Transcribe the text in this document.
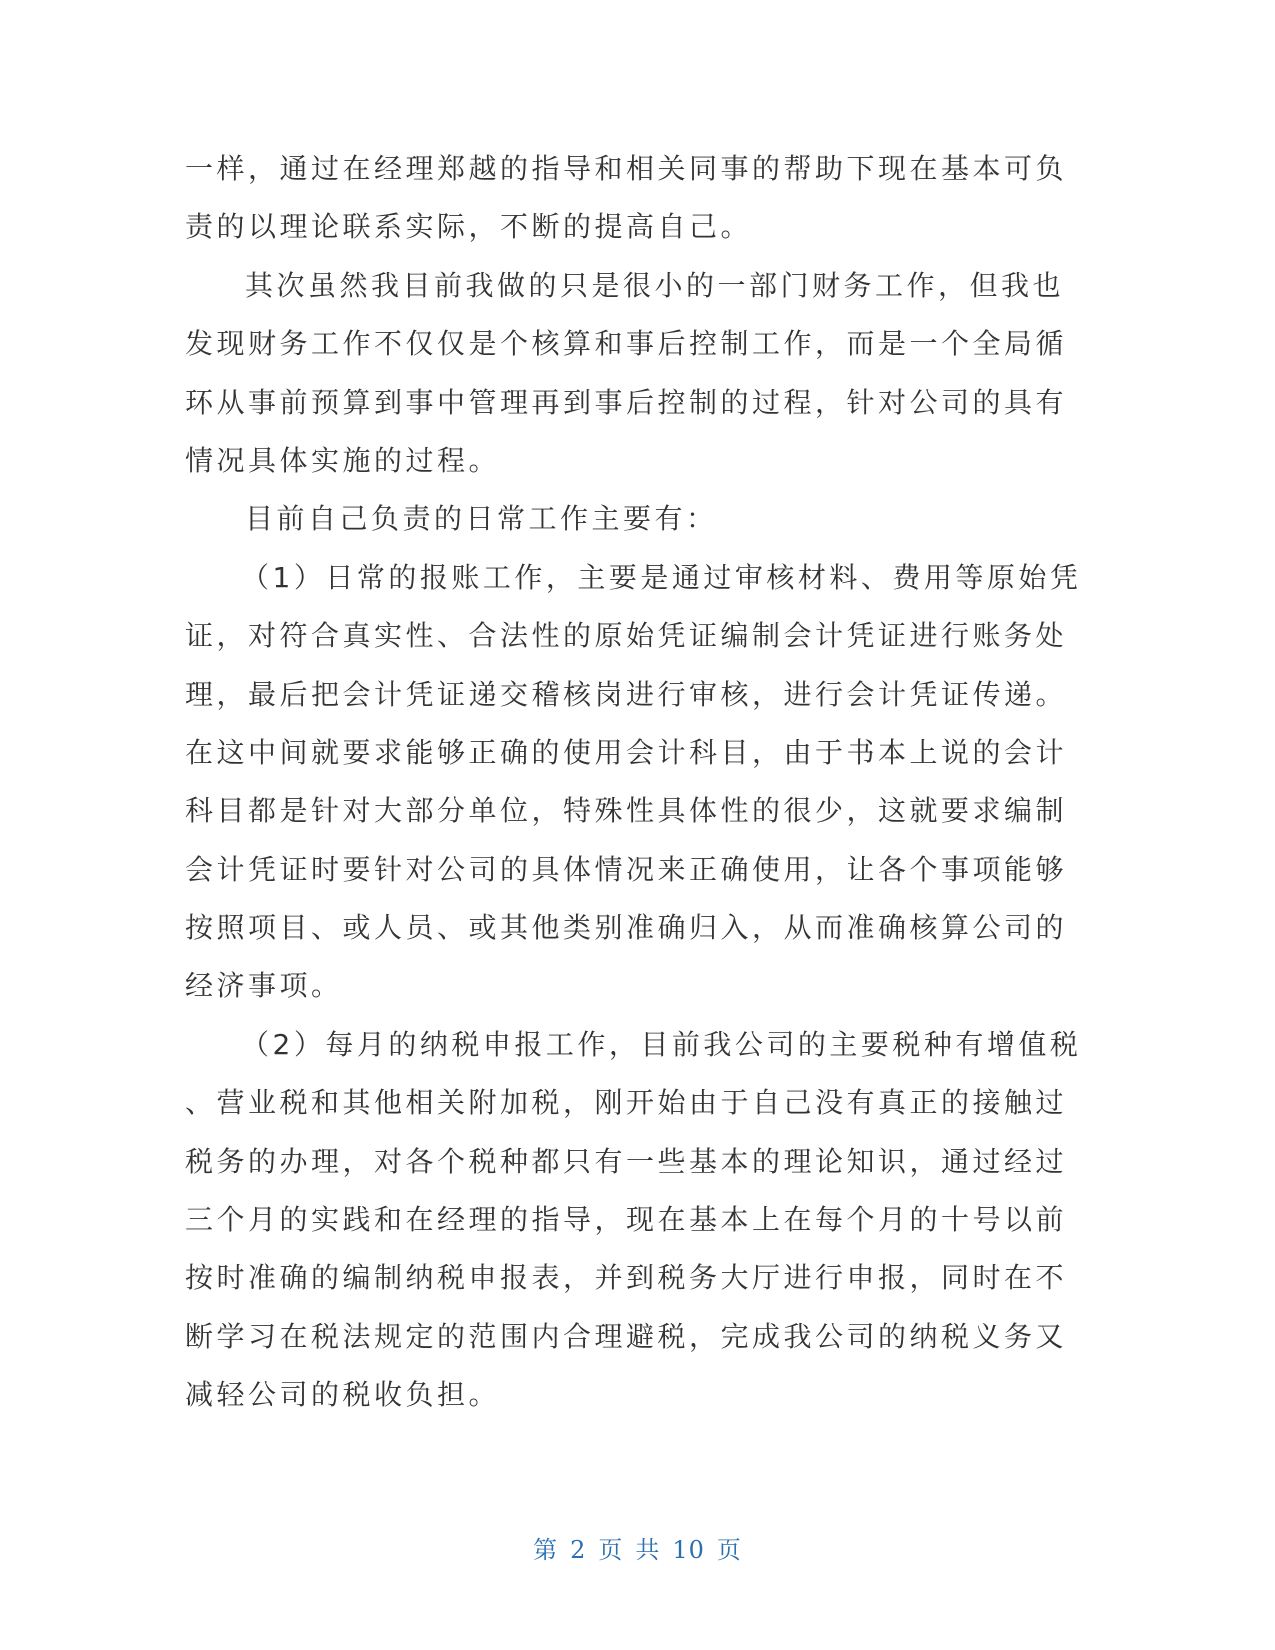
一样，通过在经理郑越的指导和相关同事的帮助下现在基本可负
责的以理论联系实际，不断的提高自己。
其次虽然我目前我做的只是很小的一部门财务工作，但我也
发现财务工作不仅仅是个核算和事后控制工作，而是一个全局循
环从事前预算到事中管理再到事后控制的过程，针对公司的具有
情况具体实施的过程。
目前自己负责的日常工作主要有：
（1）日常的报账工作，主要是通过审核材料、费用等原始凭
证，对符合真实性、合法性的原始凭证编制会计凭证进行账务处
理，最后把会计凭证递交稽核岗进行审核，进行会计凭证传递。
在这中间就要求能够正确的使用会计科目，由于书本上说的会计
科目都是针对大部分单位，特殊性具体性的很少，这就要求编制
会计凭证时要针对公司的具体情况来正确使用，让各个事项能够
按照项目、或人员、或其他类别准确归入，从而准确核算公司的
经济事项。
（2）每月的纳税申报工作，目前我公司的主要税种有增值税
、营业税和其他相关附加税，刚开始由于自己没有真正的接触过
税务的办理，对各个税种都只有一些基本的理论知识，通过经过
三个月的实践和在经理的指导，现在基本上在每个月的十号以前
按时准确的编制纳税申报表，并到税务大厅进行申报，同时在不
断学习在税法规定的范围内合理避税，完成我公司的纳税义务又
减轻公司的税收负担。
第 2 页 共 10 页
